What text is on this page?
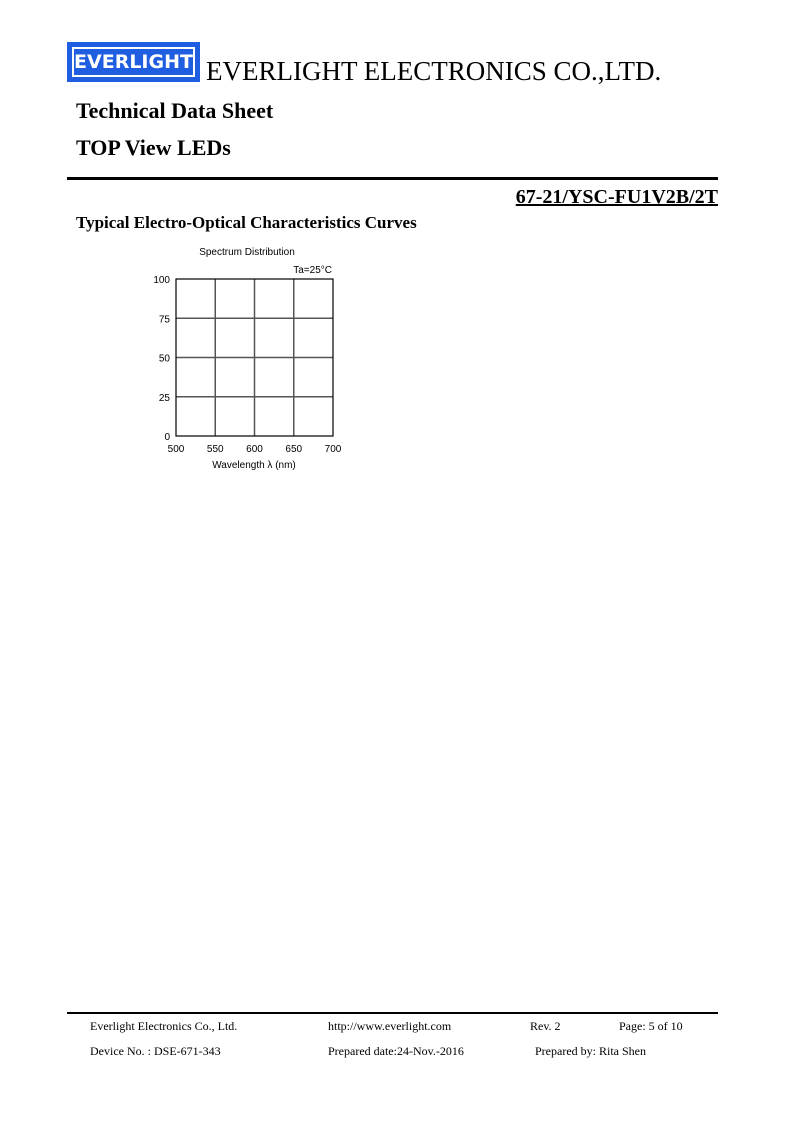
EVERLIGHT EVERLIGHT ELECTRONICS CO.,LTD.
Technical Data Sheet
TOP View LEDs
67-21/YSC-FU1V2B/2T
Typical Electro-Optical Characteristics Curves
Spectrum Distribution
Ta=25°C
500 550 600 650 700
0
25
50
75
100
Wavelength λ (nm)
Everlight Electronics Co., Ltd.	http://www.everlight.com	Rev. 2	Page: 5 of 10
Device No. : DSE-671-343	Prepared date:24-Nov.-2016	Prepared by: Rita Shen
